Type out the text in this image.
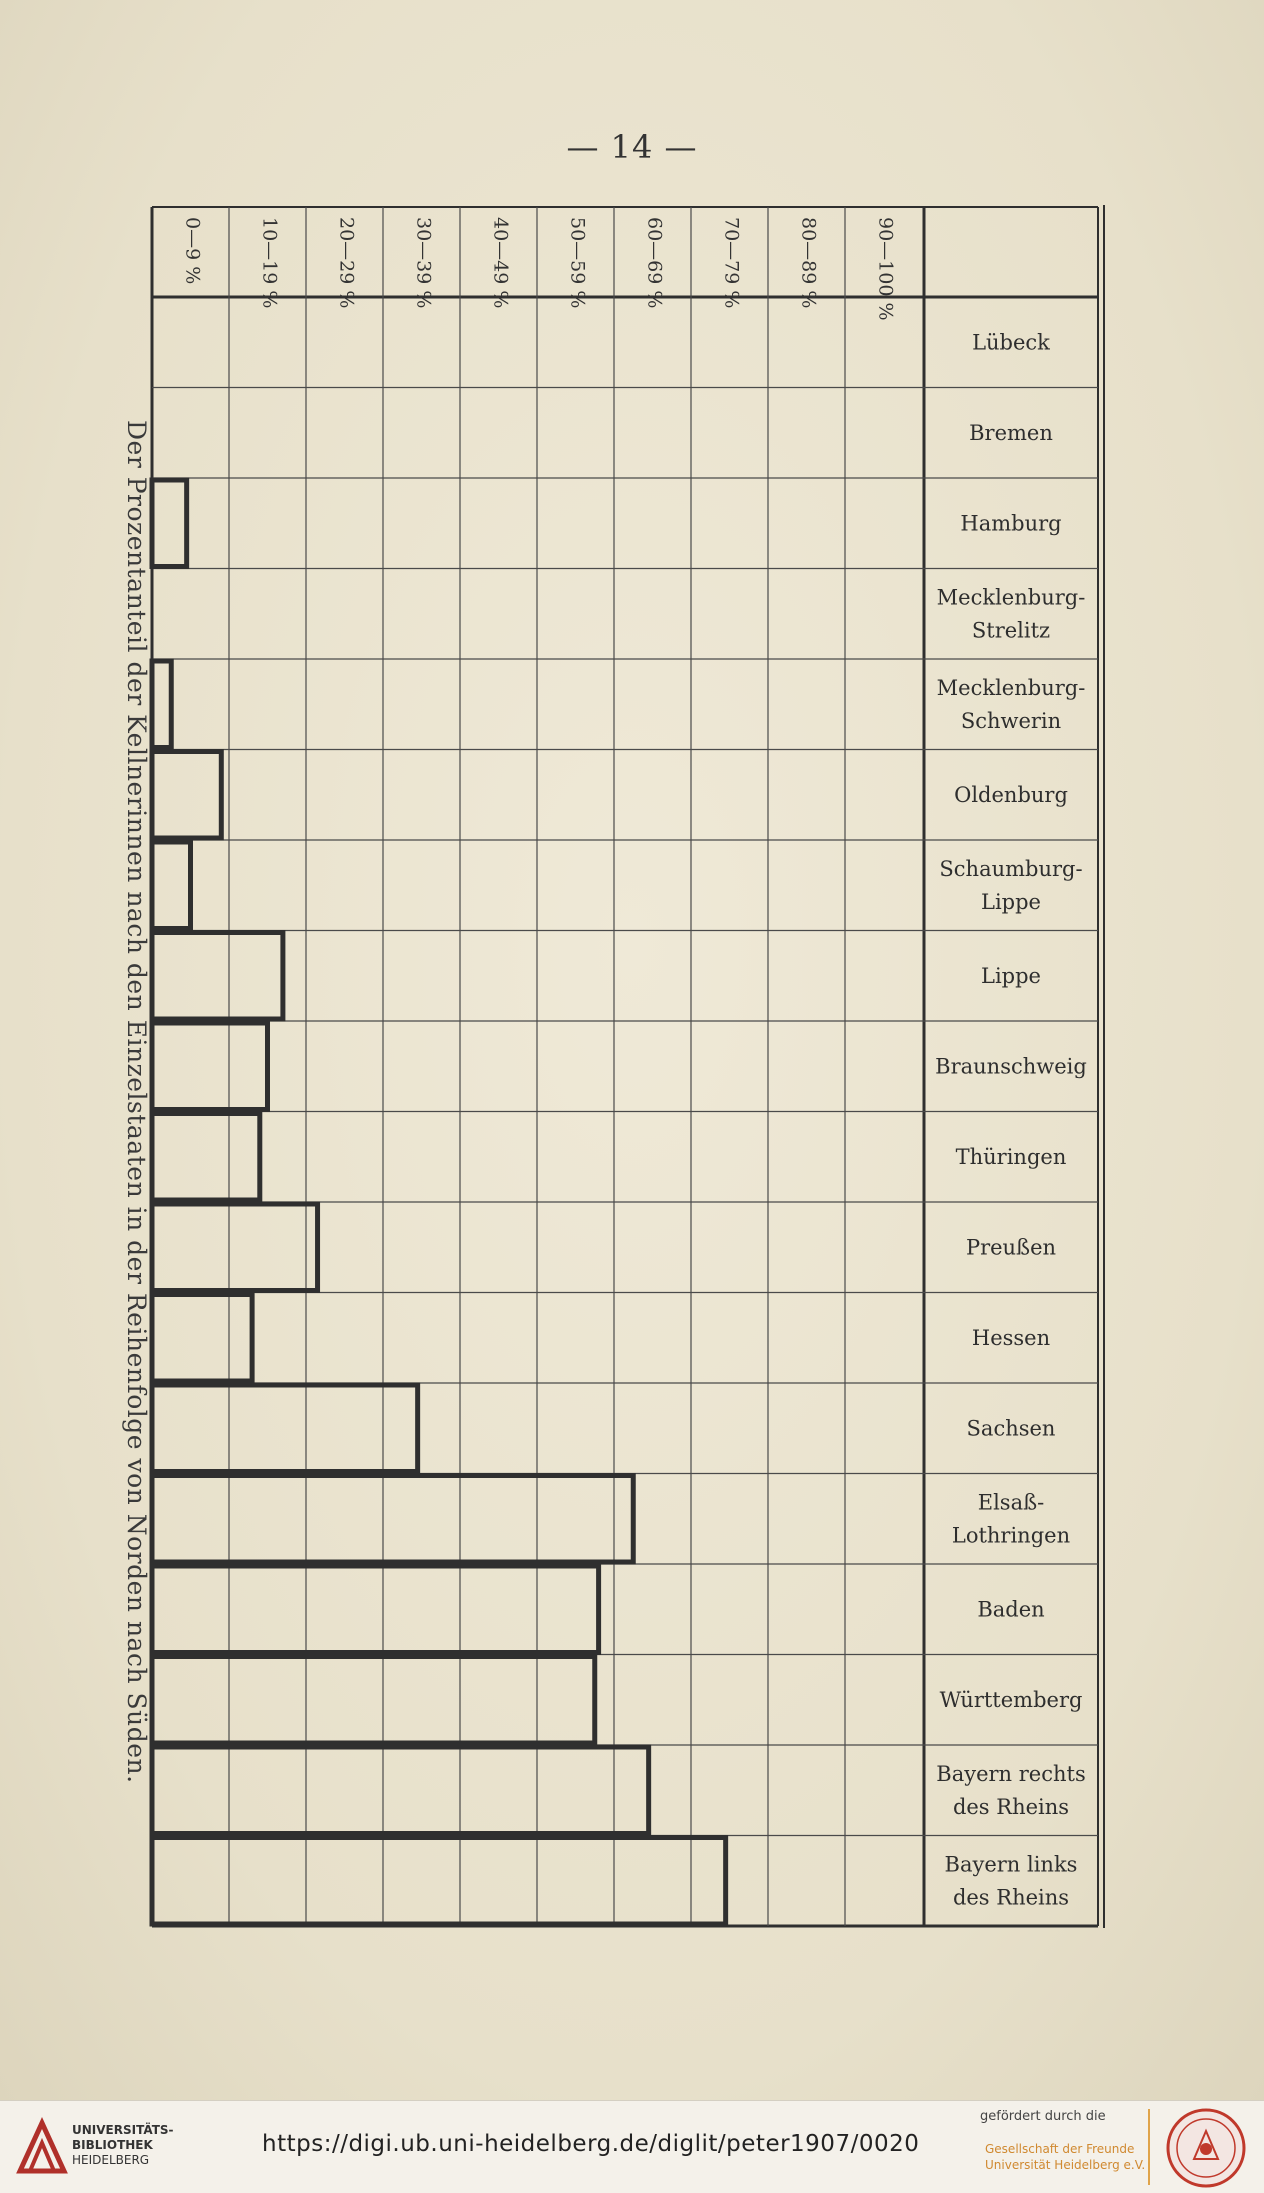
— 14 —
Der Prozentanteil der Kellnerinnen nach den Einzelstaaten in der Reihenfolge von Norden nach Süden.
0—9 %	10—19 %	20—29 %	30—39 %	40—49 %	50—59 %	60—69 %	70—79 %	80—89 %	90—100 %
Lübeck
Bremen
Hamburg
Mecklenburg-Strelitz
Mecklenburg-Schwerin
Oldenburg
Schaumburg-Lippe
Lippe
Braunschweig
Thüringen
Preußen
Hessen
Sachsen
Elsaß-Lothringen
Baden
Württemberg
Bayern rechts des Rheins
Bayern links des Rheins
UNIVERSITÄTS-
BIBLIOTHEK
HEIDELBERG
https://digi.ub.uni-heidelberg.de/diglit/peter1907/0020
gefördert durch die
Gesellschaft der Freunde
Universität Heidelberg e.V.
